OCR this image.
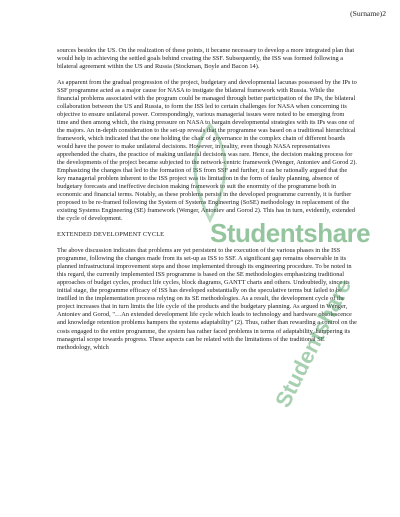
(Surname)2

sources besides the US. On the realization of these points, it became necessary to develop a more integrated plan that would help in achieving the settled goals behind creating the SSF. Subsequently, the ISS was formed following a bilateral agreement within the US and Russia (Stockman, Boyle and Bacon 14).

As apparent from the gradual progression of the project, budgetary and developmental lacunas possessed by the IPs to SSF programme acted as a major cause for NASA to instigate the bilateral framework with Russia. While the financial problems associated with the program could be managed through better participation of the IPs, the bilateral collaboration between the US and Russia, to form the ISS led to certain challenges for NASA when concerning its objective to ensure unilateral power. Correspondingly, various managerial issues were noted to be emerging from time and then among which, the rising pressure on NASA to bargain developmental strategies with its IPs was one of the majors. An in-depth consideration to the set-up reveals that the programme was based on a traditional hierarchical framework, which indicated that the one holding the chair of governance in the complex chain of different boards would have the power to make unilateral decisions. However, in reality, even though NASA representatives apprehended the chairs, the practice of making unilateral decisions was rare. Hence, the decision making process for the developments of the project became subjected to the network-centric framework (Wenger, Antoniev and Gorod 2). Emphasizing the changes that led to the formation of ISS from SSF and further, it can be rationally argued that the key managerial problem inherent to the ISS project was its limitation in the form of faulty planning, absence of budgetary forecasts and ineffective decision making framework to suit the enormity of the programme both in economic and financial terms. Notably, as these problems persist in the developed programme currently, it is further proposed to be re-framed following the System of Systems Engineering (SoSE) methodology in replacement of the existing Systems Engineering (SE) framework (Wenger, Antoniev and Gorod 2). This has in turn, evidently, extended the cycle of development.

EXTENDED DEVELOPMENT CYCLE

The above discussion indicates that problems are yet persistent to the execution of the various phases in the ISS programme, following the changes made from its set-up as ISS to SSF. A significant gap remains observable in its planned infrastructural improvement steps and those implemented through its engineering procedure. To be noted in this regard, the currently implemented ISS programme is based on the SE methodologies emphasizing traditional approaches of budget cycles, product life cycles, block diagrams, GANTT charts and others. Undoubtedly, since its initial stage, the programme efficacy of ISS has developed substantially on the speculative terms but failed to be instilled in the implementation process relying on its SE methodologies. As a result, the development cycle of the project increases that in turn limits the life cycle of the products and the budgetary planning. As argued in Wenger, Antoniev and Gorod, "…An extended development life cycle which leads to technology and hardware obsolescence and knowledge retention problems hampers the systems adaptability" (2). Thus, rather than rewarding a control on the costs engaged to the entire programme, the system has rather faced problems in terms of adaptability, hampering its managerial scope towards progress. These aspects can be related with the limitations of the traditional SE methodology, which

Studentshare
Studentshare
